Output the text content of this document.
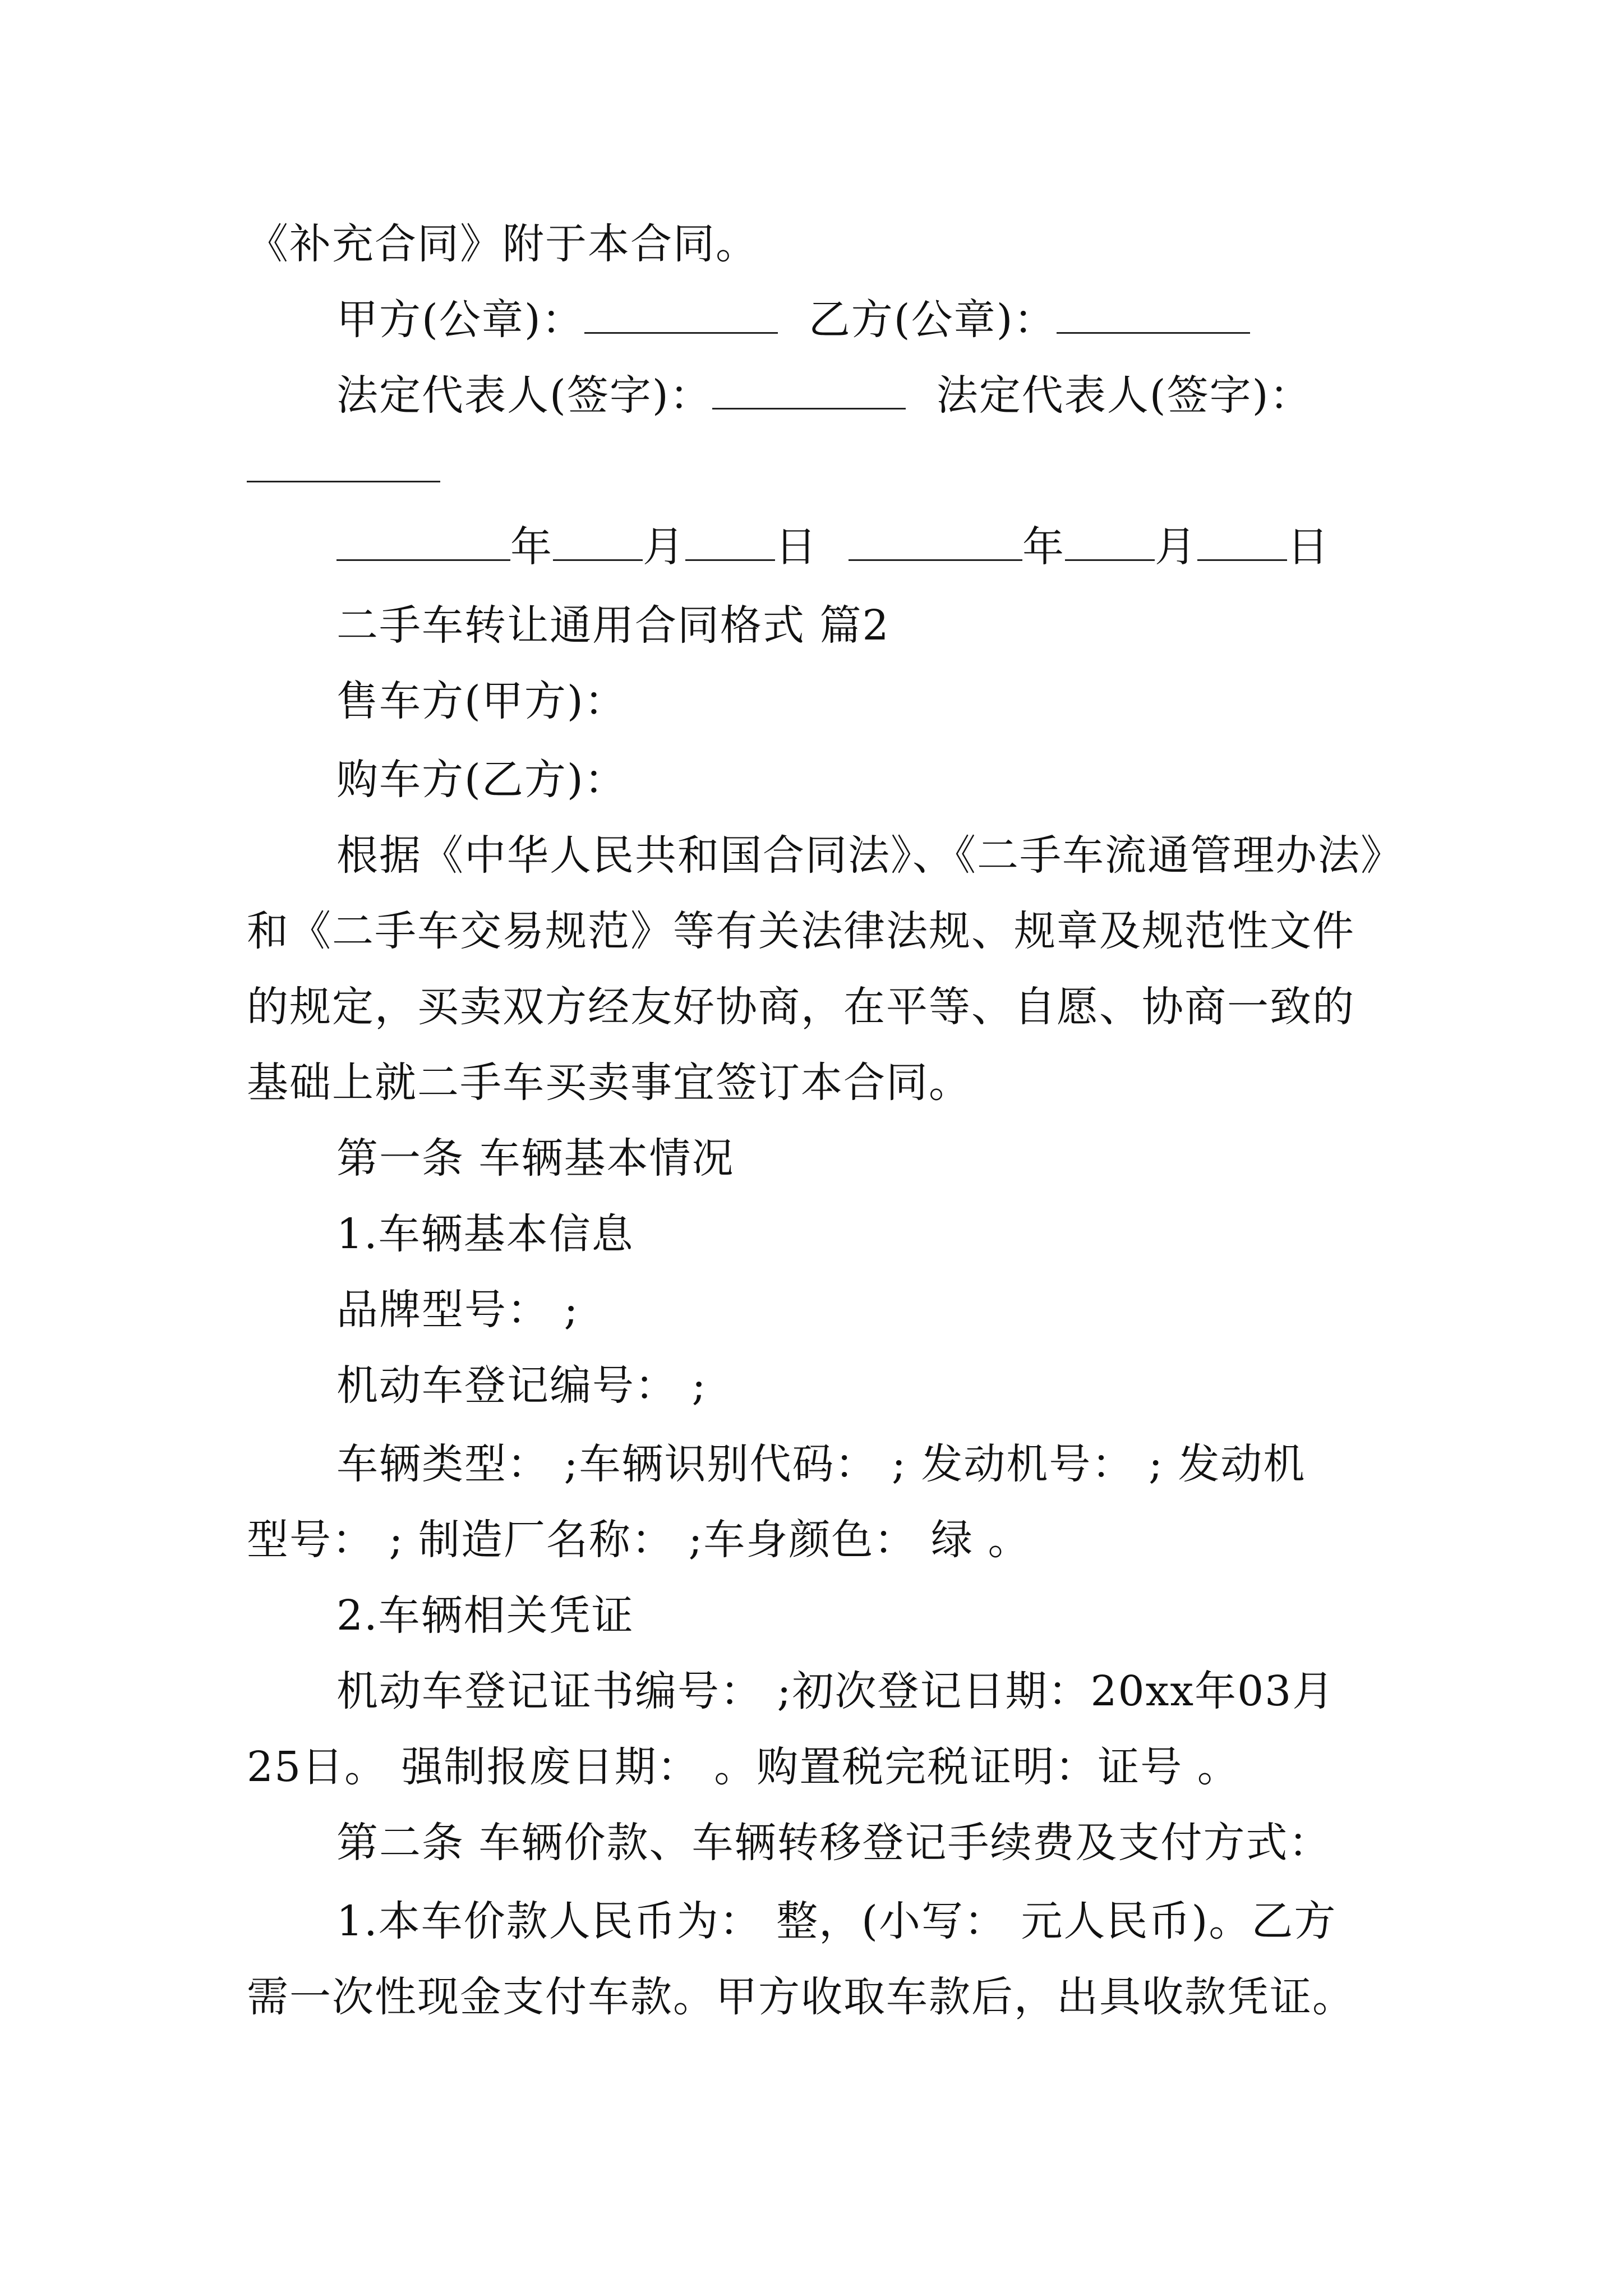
《补充合同》附于本合同。
甲方(公章)：	乙方(公章)：
法定代表人(签字)：	法定代表人(签字)：
年 月 日	年 月 日
二手车转让通用合同格式 篇2
售车方(甲方)：
购车方(乙方)：
根据《中华人民共和国合同法》、《二手车流通管理办法》
和《二手车交易规范》等有关法律法规、规章及规范性文件
的规定，买卖双方经友好协商，在平等、自愿、协商一致的
基础上就二手车买卖事宜签订本合同。
第一条 车辆基本情况
1.车辆基本信息
品牌型号： ;
机动车登记编号： ;
车辆类型： ;车辆识别代码： ; 发动机号： ; 发动机
型号： ; 制造厂名称： ;车身颜色： 绿 。
2.车辆相关凭证
机动车登记证书编号： ;初次登记日期：20xx年03月
25日。 强制报废日期： 。购置税完税证明：证号 。
第二条 车辆价款、车辆转移登记手续费及支付方式：
1.本车价款人民币为： 整，(小写： 元人民币)。乙方
需一次性现金支付车款。甲方收取车款后，出具收款凭证。
